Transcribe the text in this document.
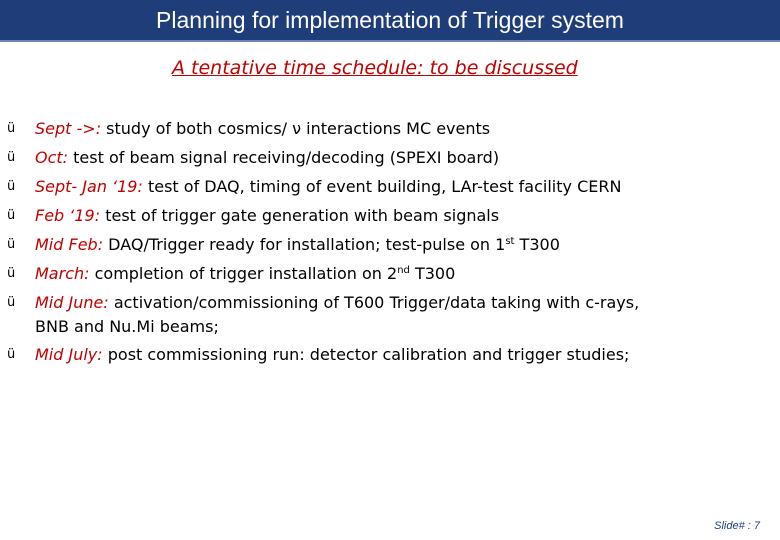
Planning for implementation of Trigger system
A tentative time schedule: to be discussed
ü Sept ->: study of both cosmics/ ν interactions MC events
ü Oct: test of beam signal receiving/decoding (SPEXI board)
ü Sept- Jan ‘19: test of DAQ, timing of event building, LAr-test facility CERN
ü Feb ‘19: test of trigger gate generation with beam signals
ü Mid Feb: DAQ/Trigger ready for installation; test-pulse on 1st T300
ü March: completion of trigger installation on 2nd T300
ü Mid June: activation/commissioning of T600 Trigger/data taking with c-rays,
BNB and Nu.Mi beams;
ü Mid July: post commissioning run: detector calibration and trigger studies;
Slide# : 7
